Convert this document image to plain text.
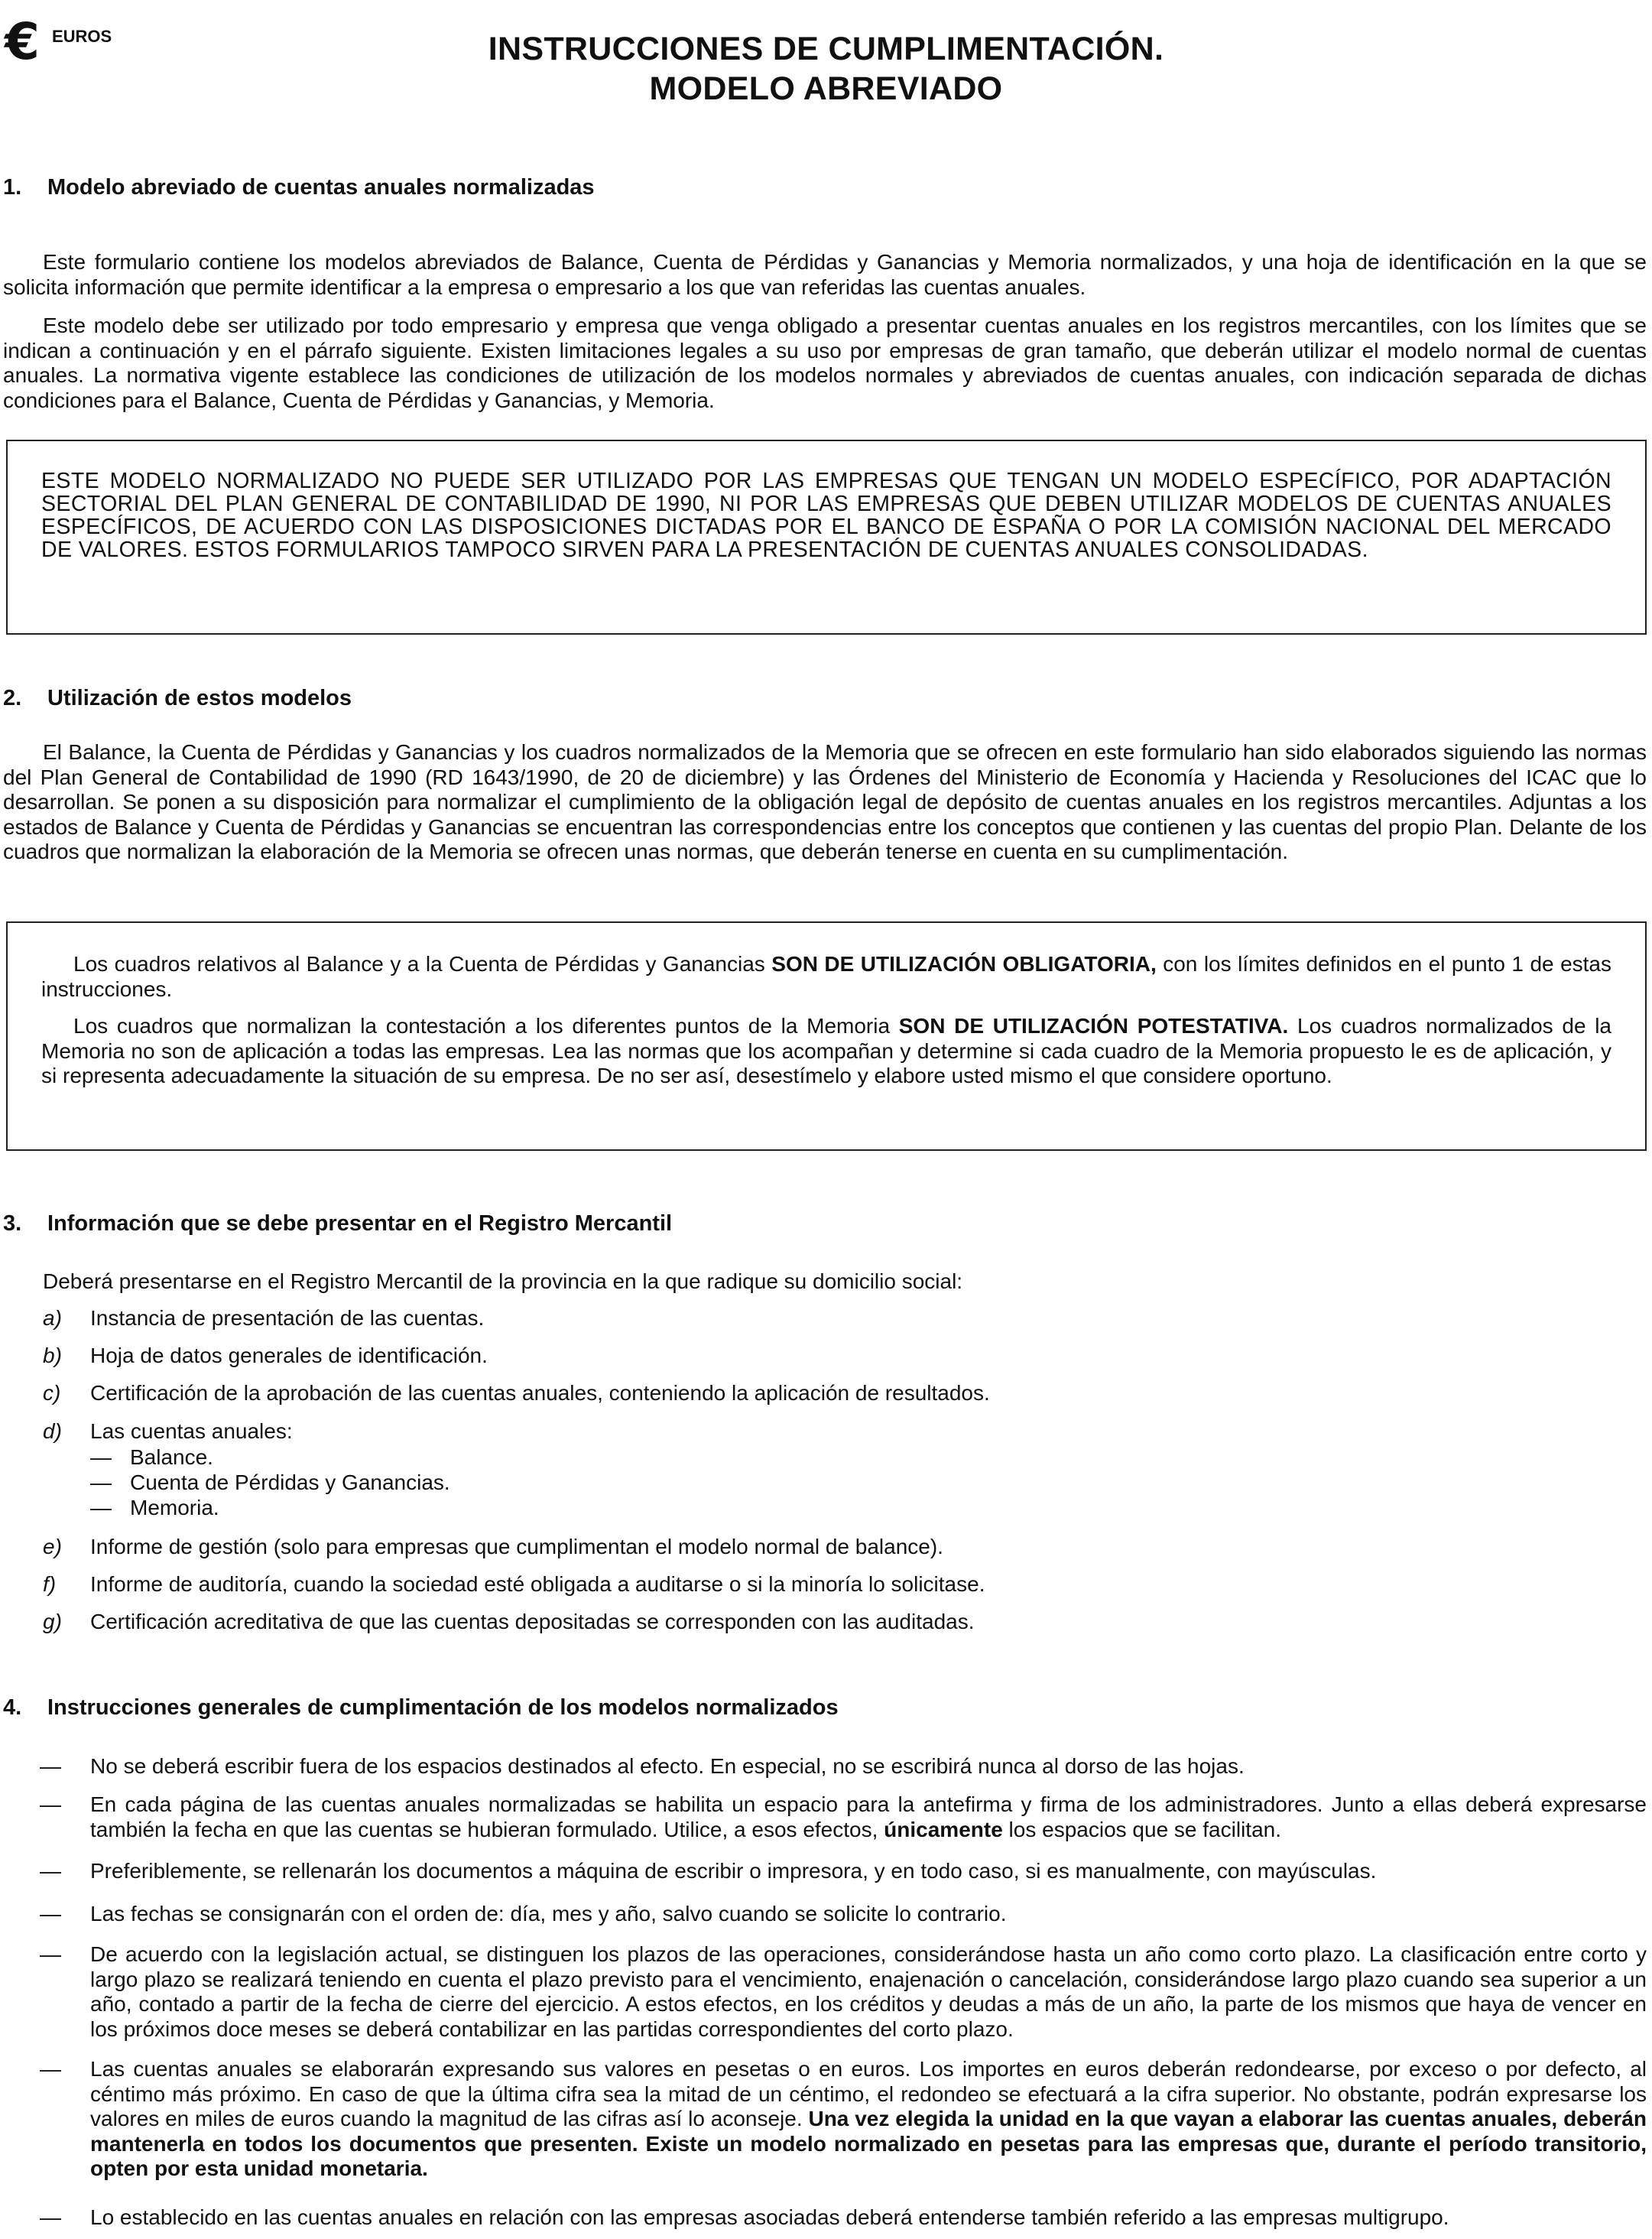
€ EUROS	INSTRUCCIONES DE CUMPLIMENTACIÓN.
MODELO ABREVIADO
1. Modelo abreviado de cuentas anuales normalizadas
Este formulario contiene los modelos abreviados de Balance, Cuenta de Pérdidas y Ganancias y Memoria normalizados, y una hoja de identificación en la que se solicita información que permite identificar a la empresa o empresario a los que van referidas las cuentas anuales.
Este modelo debe ser utilizado por todo empresario y empresa que venga obligado a presentar cuentas anuales en los registros mercantiles, con los límites que se indican a continuación y en el párrafo siguiente. Existen limitaciones legales a su uso por empresas de gran tamaño, que deberán utilizar el modelo normal de cuentas anuales. La normativa vigente establece las condiciones de utilización de los modelos normales y abreviados de cuentas anuales, con indicación separada de dichas condiciones para el Balance, Cuenta de Pérdidas y Ganancias, y Memoria.
ESTE MODELO NORMALIZADO NO PUEDE SER UTILIZADO POR LAS EMPRESAS QUE TENGAN UN MODELO ESPECÍFICO, POR ADAPTACIÓN SECTORIAL DEL PLAN GENERAL DE CONTABILIDAD DE 1990, NI POR LAS EMPRESAS QUE DEBEN UTILIZAR MODELOS DE CUENTAS ANUALES ESPECÍFICOS, DE ACUERDO CON LAS DISPOSICIONES DICTADAS POR EL BANCO DE ESPAÑA O POR LA COMISIÓN NACIONAL DEL MERCADO DE VALORES. ESTOS FORMULARIOS TAMPOCO SIRVEN PARA LA PRESENTACIÓN DE CUENTAS ANUALES CONSOLIDADAS.
2. Utilización de estos modelos
El Balance, la Cuenta de Pérdidas y Ganancias y los cuadros normalizados de la Memoria que se ofrecen en este formulario han sido elaborados siguiendo las normas del Plan General de Contabilidad de 1990 (RD 1643/1990, de 20 de diciembre) y las Órdenes del Ministerio de Economía y Hacienda y Resoluciones del ICAC que lo desarrollan. Se ponen a su disposición para normalizar el cumplimiento de la obligación legal de depósito de cuentas anuales en los registros mercantiles. Adjuntas a los estados de Balance y Cuenta de Pérdidas y Ganancias se encuentran las correspondencias entre los conceptos que contienen y las cuentas del propio Plan. Delante de los cuadros que normalizan la elaboración de la Memoria se ofrecen unas normas, que deberán tenerse en cuenta en su cumplimentación.

Los cuadros relativos al Balance y a la Cuenta de Pérdidas y Ganancias SON DE UTILIZACIÓN OBLIGATORIA, con los límites definidos en el punto 1 de estas instrucciones.

Los cuadros que normalizan la contestación a los diferentes puntos de la Memoria SON DE UTILIZACIÓN POTESTATIVA. Los cuadros normalizados de la Memoria no son de aplicación a todas las empresas. Lea las normas que los acompañan y determine si cada cuadro de la Memoria propuesto le es de aplicación, y si representa adecuadamente la situación de su empresa. De no ser así, desestímelo y elabore usted mismo el que considere oportuno.

3. Información que se debe presentar en el Registro Mercantil
Deberá presentarse en el Registro Mercantil de la provincia en la que radique su domicilio social:
a) Instancia de presentación de las cuentas.
b) Hoja de datos generales de identificación.
c) Certificación de la aprobación de las cuentas anuales, conteniendo la aplicación de resultados.
d) Las cuentas anuales:
— Balance.
— Cuenta de Pérdidas y Ganancias.
— Memoria.
e) Informe de gestión (solo para empresas que cumplimentan el modelo normal de balance).
f) Informe de auditoría, cuando la sociedad esté obligada a auditarse o si la minoría lo solicitase.
g) Certificación acreditativa de que las cuentas depositadas se corresponden con las auditadas.
4. Instrucciones generales de cumplimentación de los modelos normalizados
— No se deberá escribir fuera de los espacios destinados al efecto. En especial, no se escribirá nunca al dorso de las hojas.
— En cada página de las cuentas anuales normalizadas se habilita un espacio para la antefirma y firma de los administradores. Junto a ellas deberá expresarse también la fecha en que las cuentas se hubieran formulado. Utilice, a esos efectos, únicamente los espacios que se facilitan.
— Preferiblemente, se rellenarán los documentos a máquina de escribir o impresora, y en todo caso, si es manualmente, con mayúsculas.
— Las fechas se consignarán con el orden de: día, mes y año, salvo cuando se solicite lo contrario.
— De acuerdo con la legislación actual, se distinguen los plazos de las operaciones, considerándose hasta un año como corto plazo. La clasificación entre corto y largo plazo se realizará teniendo en cuenta el plazo previsto para el vencimiento, enajenación o cancelación, considerándose largo plazo cuando sea superior a un año, contado a partir de la fecha de cierre del ejercicio. A estos efectos, en los créditos y deudas a más de un año, la parte de los mismos que haya de vencer en los próximos doce meses se deberá contabilizar en las partidas correspondientes del corto plazo.
— Las cuentas anuales se elaborarán expresando sus valores en pesetas o en euros. Los importes en euros deberán redondearse, por exceso o por defecto, al céntimo más próximo. En caso de que la última cifra sea la mitad de un céntimo, el redondeo se efectuará a la cifra superior. No obstante, podrán expresarse los valores en miles de euros cuando la magnitud de las cifras así lo aconseje. Una vez elegida la unidad en la que vayan a elaborar las cuentas anuales, deberán mantenerla en todos los documentos que presenten. Existe un modelo normalizado en pesetas para las empresas que, durante el período transitorio, opten por esta unidad monetaria.
— Lo establecido en las cuentas anuales en relación con las empresas asociadas deberá entenderse también referido a las empresas multigrupo.
